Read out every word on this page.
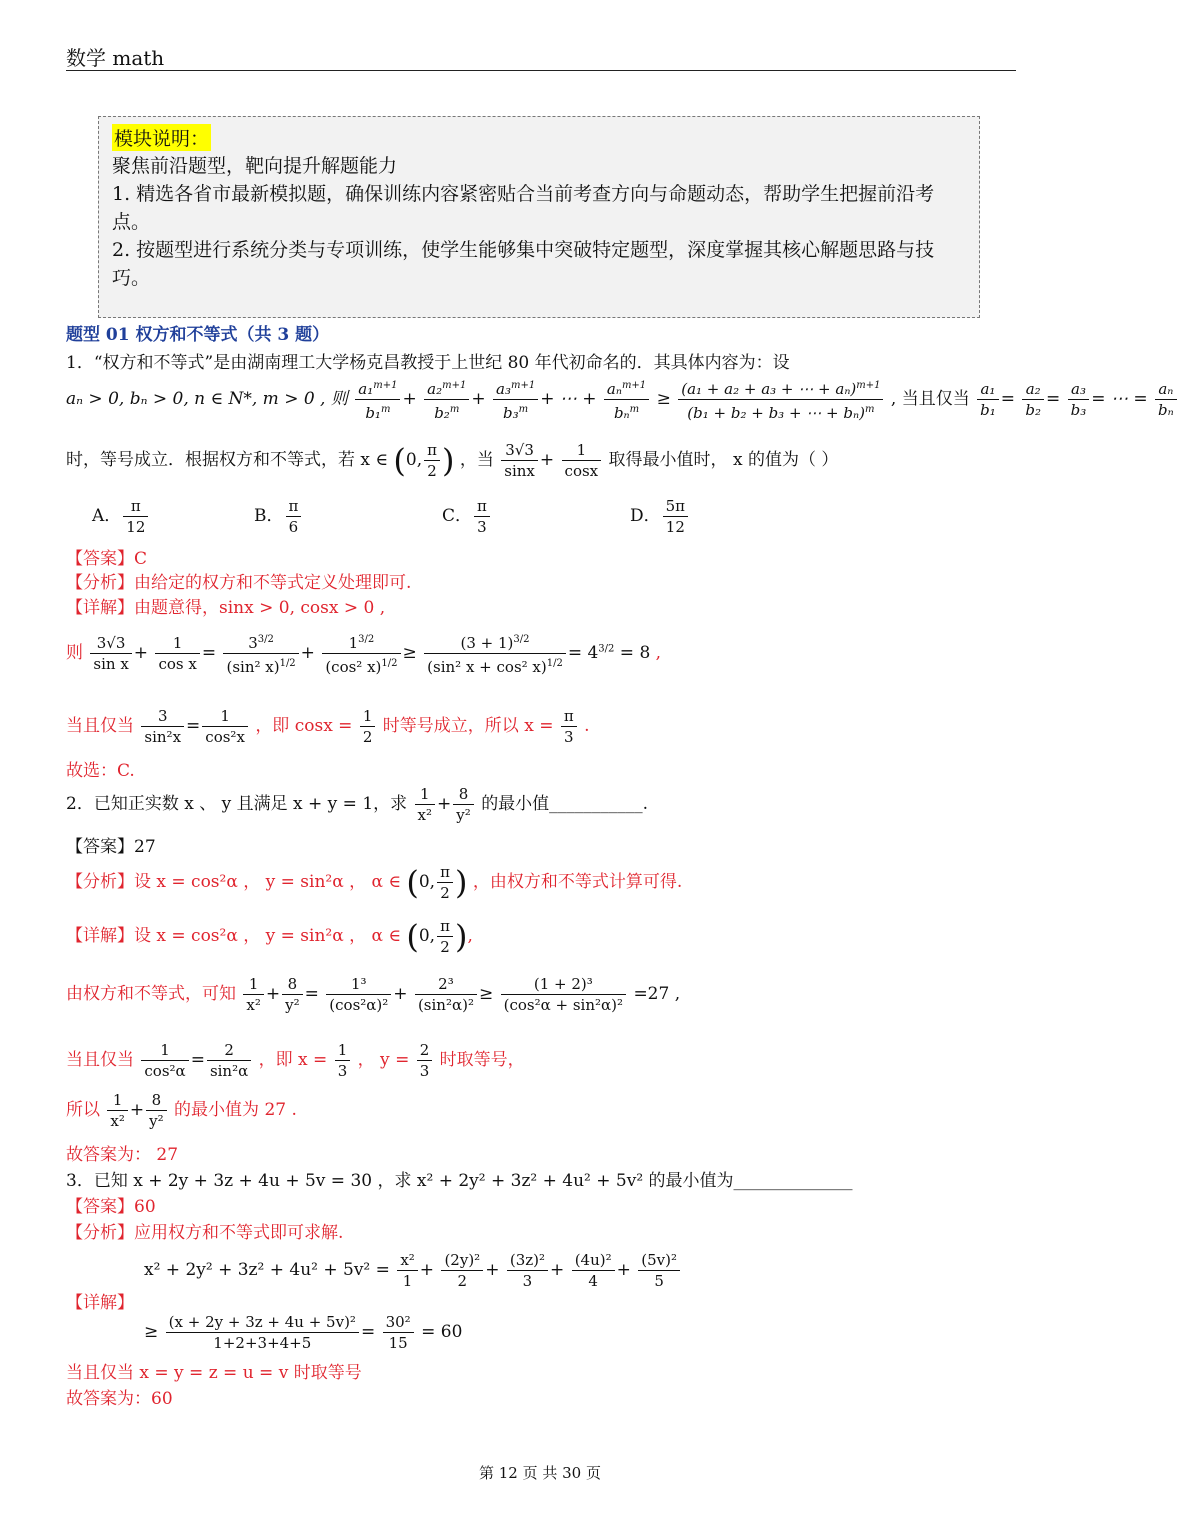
数学 math
模块说明：
聚焦前沿题型，靶向提升解题能力
1. 精选各省市最新模拟题，确保训练内容紧密贴合当前考查方向与命题动态，帮助学生把握前沿考点。
2. 按题型进行系统分类与专项训练，使学生能够集中突破特定题型，深度掌握其核心解题思路与技巧。
题型 01 权方和不等式（共 3 题）
1．“权方和不等式”是由湖南理工大学杨克昌教授于上世纪 80 年代初命名的．其具体内容为：设
aₙ > 0, bₙ > 0, n ∈ N*, m > 0 , 则 $\frac{a_1^{m+1}}{b_1^m} + \frac{a_2^{m+1}}{b_2^m} + \frac{a_3^{m+1}}{b_3^m}$ + ⋯ + $\frac{a_n^{m+1}}{b_n^m} \ge \frac{(a_1 + a_2 + a_3 + \cdots + a_n)^{m+1}}{(b_1 + b_2 + b_3 + \cdots + b_n)^m}$ , 当且仅当 $\frac{\text{a₁}}{\text{b₁}} = \frac{\text{a₂}}{\text{b₂}} = \frac{\text{a₃}}{\text{b₃}}$ = ⋯ = $\frac{\text{aₙ}}{\text{bₙ}}$
时，等号成立．根据权方和不等式，若 x ∈ (0, $\frac{\pi}{2}$ ) ，当 $\frac{3√3}{\sin x} + \frac{1}{\cos x}$ 取得最小值时， x 的值为（ ）
A． $\frac{\pi}{12}$	B． $\frac{\pi}{6}$	C． $\frac{\pi}{3}$	D． $\frac{5\pi}{12}$
【答案】C
【分析】由给定的权方和不等式定义处理即可.
【详解】由题意得，sinx > 0, cosx > 0 ,
则 $\frac{3√3}{\text{sin x}} + \frac{1}{\text{cos x}} = \frac{3^{3/2}}{(\sin^2 x)^{1/2}} + \frac{1^{3/2}}{(\cos^2 x)^{1/2}} \ge \frac{(3 + 1)^{3/2}}{(\sin^2 x + \cos^2 x)^{1/2}} = 4^{3/2} = 8$ ,
当且仅当 $\frac{3}{\text{sin²x}} = \frac{1}{\text{cos²x}}$ ，即 $\cos x = \frac{1}{2}$ 时等号成立，所以 $x = \frac{\pi}{3}$ .
故选：C.
2．已知正实数 x 、 y 且满足 x + y = 1，求 $\frac{1}{\text{x²}} + \frac{8}{\text{y²}}$ 的最小值___________.
【答案】27
【分析】设 x = cos²α ， y = sin²α ， α ∈ (0, $\frac{\pi}{2}$ ) ，由权方和不等式计算可得.
【详解】设 x = cos²α ， y = sin²α ， α ∈ (0, $\frac{\pi}{2}$ ),
由权方和不等式，可知 $\frac{1}{\text{x²}} + \frac{8}{\text{y²}} = \frac{\text{1³}}{\text{(cos²α)²}} + \frac{\text{2³}}{\text{(sin²α)²}} \ge \frac{\text{(1 + 2)³}}{\text{(cos²α + sin²α)²}} =27$ ,
当且仅当 $\frac{1}{\text{cos²α}} = \frac{2}{\text{sin²α}}$ ，即 $x = \frac{1}{3}$ ， $y = \frac{2}{3}$ 时取等号，
所以 $\frac{1}{\text{x²}} + \frac{8}{\text{y²}}$ 的最小值为 27 .
故答案为： 27
3．已知 x + 2y + 3z + 4u + 5v = 30 ，求 x² + 2y² + 3z² + 4u² + 5v² 的最小值为______________
【答案】60
【分析】应用权方和不等式即可求解.
$x^2 + 2y^2 + 3z^2 + 4u^2 + 5v^2 = \frac{\text{x²}}{1} + \frac{\text{(2y)²}}{2} + \frac{\text{(3z)²}}{3} + \frac{\text{(4u)²}}{4} + \frac{\text{(5v)²}}{5}$
【详解】
≥ $\frac{\text{(x + 2y + 3z + 4u + 5v)²}}{1+2+3+4+5} = \frac{\text{30²}}{15} = 60$
当且仅当 x = y = z = u = v 时取等号
故答案为：60
第 12 页 共 30 页
